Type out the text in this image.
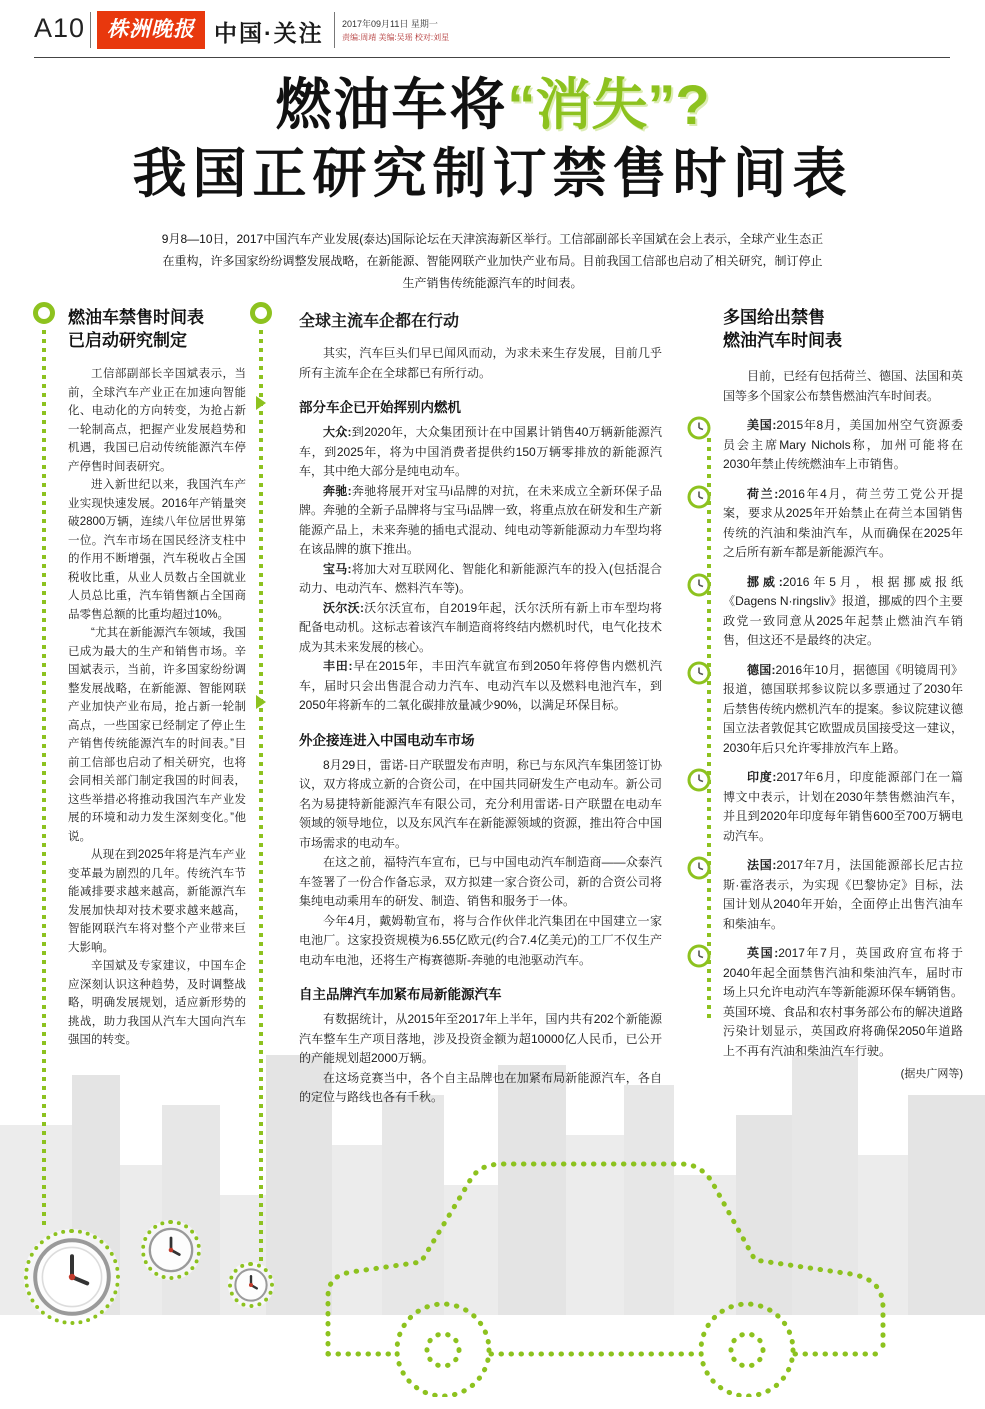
A10	株洲晚报 中国·关注 2017年09月11日 星期一
责编:周靖 美编:吴瑶 校对:刘星
燃油车将“消失”?
我国正研究制订禁售时间表
9月8—10日，2017中国汽车产业发展(泰达)国际论坛在天津滨海新区举行。工信部副部长辛国斌在会上表示，全球产业生态正在重构，许多国家纷纷调整发展战略，在新能源、智能网联产业加快产业布局。目前我国工信部也启动了相关研究，制订停止生产销售传统能源汽车的时间表。
燃油车禁售时间表
已启动研究制定

工信部副部长辛国斌表示，当前，全球汽车产业正在加速向智能化、电动化的方向转变，为抢占新一轮制高点，把握产业发展趋势和机遇，我国已启动传统能源汽车停产停售时间表研究。

进入新世纪以来，我国汽车产业实现快速发展。2016年产销量突破2800万辆，连续八年位居世界第一位。汽车市场在国民经济支柱中的作用不断增强，汽车税收占全国税收比重，从业人员数占全国就业人员总比重，汽车销售额占全国商品零售总额的比重均超过10%。

“尤其在新能源汽车领域，我国已成为最大的生产和销售市场。辛国斌表示，当前，许多国家纷纷调整发展战略，在新能源、智能网联产业加快产业布局，抢占新一轮制高点，一些国家已经制定了停止生产销售传统能源汽车的时间表。”目前工信部也启动了相关研究，也将会同相关部门制定我国的时间表，这些举措必将推动我国汽车产业发展的环境和动力发生深刻变化。”他说。

从现在到2025年将是汽车产业变革最为剧烈的几年。传统汽车节能减排要求越来越高，新能源汽车发展加快却对技术要求越来越高，智能网联汽车将对整个产业带来巨大影响。

辛国斌及专家建议，中国车企应深刻认识这种趋势，及时调整战略，明确发展规划，适应新形势的挑战，助力我国从汽车大国向汽车强国的转变。

全球主流车企都在行动

其实，汽车巨头们早已闻风而动，为求未来生存发展，目前几乎所有主流车企在全球都已有所行动。

部分车企已开始挥别内燃机

大众:到2020年，大众集团预计在中国累计销售40万辆新能源汽车，到2025年，将为中国消费者提供约150万辆零排放的新能源汽车，其中绝大部分是纯电动车。

奔驰:奔驰将展开对宝马i品牌的对抗，在未来成立全新环保子品牌。奔驰的全新子品牌将与宝马i品牌一致，将重点放在研发和生产新能源产品上，未来奔驰的插电式混动、纯电动等新能源动力车型均将在该品牌的旗下推出。

宝马:将加大对互联网化、智能化和新能源汽车的投入(包括混合动力、电动汽车、燃料汽车等)。

沃尔沃:沃尔沃宣布，自2019年起，沃尔沃所有新上市车型均将配备电动机。这标志着该汽车制造商将终结内燃机时代，电气化技术成为其未来发展的核心。

丰田:早在2015年，丰田汽车就宣布到2050年将停售内燃机汽车，届时只会出售混合动力汽车、电动汽车以及燃料电池汽车，到2050年将新车的二氧化碳排放量减少90%，以满足环保目标。

外企接连进入中国电动车市场

8月29日，雷诺-日产联盟发布声明，称已与东风汽车集团签订协议，双方将成立新的合资公司，在中国共同研发生产电动车。新公司名为易捷特新能源汽车有限公司，充分利用雷诺-日产联盟在电动车领域的领导地位，以及东风汽车在新能源领域的资源，推出符合中国市场需求的电动车。

在这之前，福特汽车宣布，已与中国电动汽车制造商——众泰汽车签署了一份合作备忘录，双方拟建一家合资公司，新的合资公司将集纯电动乘用车的研发、制造、销售和服务于一体。

今年4月，戴姆勒宣布，将与合作伙伴北汽集团在中国建立一家电池厂。这家投资规模为6.55亿欧元(约合7.4亿美元)的工厂不仅生产电动车电池，还将生产梅赛德斯-奔驰的电池驱动汽车。

自主品牌汽车加紧布局新能源汽车

有数据统计，从2015年至2017年上半年，国内共有202个新能源汽车整车生产项目落地，涉及投资金额为超10000亿人民币，已公开的产能规划超2000万辆。

在这场竞赛当中，各个自主品牌也在加紧布局新能源汽车，各自的定位与路线也各有千秋。

多国给出禁售
燃油汽车时间表

目前，已经有包括荷兰、德国、法国和英国等多个国家公布禁售燃油汽车时间表。

美国:2015年8月，美国加州空气资源委员会主席Mary Nichols称，加州可能将在2030年禁止传统燃油车上市销售。

荷兰:2016年4月，荷兰劳工党公开提案，要求从2025年开始禁止在荷兰本国销售传统的汽油和柴油汽车，从而确保在2025年之后所有新车都是新能源汽车。

挪威:2016年5月，根据挪威报纸《Dagens N·ringsliv》报道，挪威的四个主要政党一致同意从2025年起禁止燃油汽车销售，但这还不是最终的决定。

德国:2016年10月，据德国《明镜周刊》报道，德国联邦参议院以多票通过了2030年后禁售传统内燃机汽车的提案。参议院建议德国立法者敦促其它欧盟成员国接受这一建议，2030年后只允许零排放汽车上路。

印度:2017年6月，印度能源部门在一篇博文中表示，计划在2030年禁售燃油汽车，并且到2020年印度每年销售600至700万辆电动汽车。

法国:2017年7月，法国能源部长尼古拉斯·霍洛表示，为实现《巴黎协定》目标，法国计划从2040年开始，全面停止出售汽油车和柴油车。

英国:2017年7月，英国政府宣布将于2040年起全面禁售汽油和柴油汽车，届时市场上只允许电动汽车等新能源环保车辆销售。英国环境、食品和农村事务部公布的解决道路污染计划显示，英国政府将确保2050年道路上不再有汽油和柴油汽车行驶。

(据央广网等)
